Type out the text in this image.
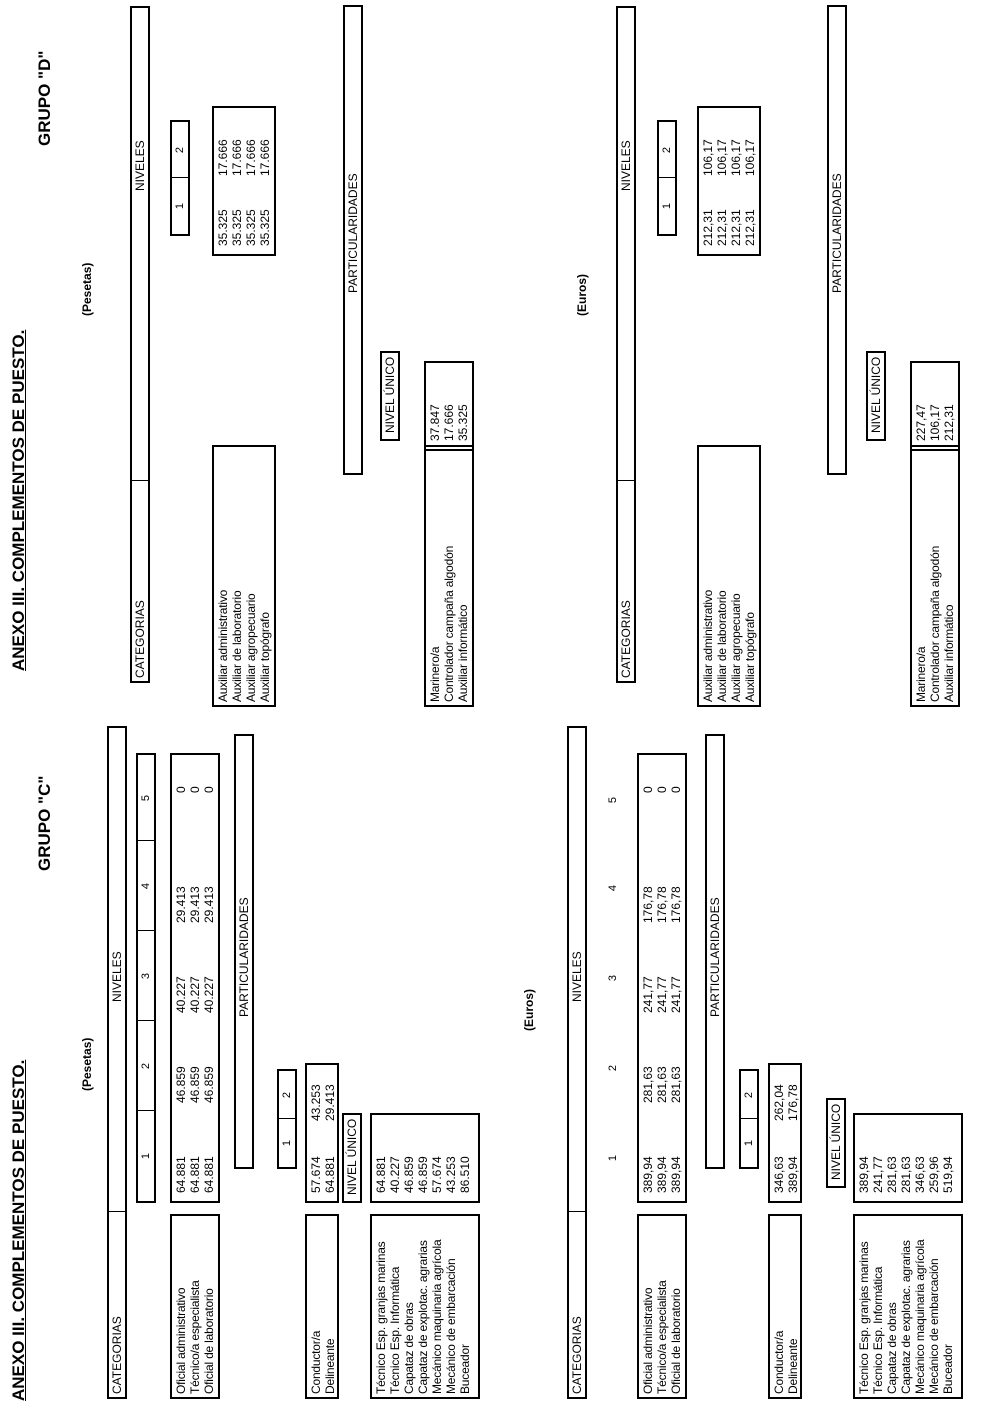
ANEXO III. COMPLEMENTOS DE PUESTO.
GRUPO "C"
(Pesetas)
CATEGORIAS
NIVELES
1
2
3
4
5
Oficial administrativo Técnico/a especialista Oficial de laboratorio
64.881 64.881 64.881
46.859 46.859 46.859
40.227 40.227 40.227
29.413 29.413 29.413
0 0 0
PARTICULARIDADES
1
2
Conductor/a Delineante
57.674 64.881
43.253 29.413
NIVEL ÚNICO
Técnico Esp. granjas marinas Técnico Esp. Informática Capataz de obras Capataz de explotac. agrarias Mecánico maquinaria agrícola Mecánico de embarcación Buceador
64.881 40.227 46.859 46.859 57.674 43.253 86.510
(Euros)
CATEGORIAS
NIVELES
1
2
3
4
5
Oficial administrativo Técnico/a especialista Oficial de laboratorio
389,94 389,94 389,94
281,63 281,63 281,63
241,77 241,77 241,77
176,78 176,78 176,78
0 0 0
PARTICULARIDADES
1
2
Conductor/a Delineante
346,63 389,94
262,04 176,78
NIVEL ÚNICO
Técnico Esp. granjas marinas Técnico Esp. Informática Capataz de obras Capataz de explotac. agrarias Mecánico maquinaria agrícola Mecánico de embarcación Buceador
389,94 241,77 281,63 281,63 346,63 259,96 519,94
ANEXO III. COMPLEMENTOS DE PUESTO.
GRUPO "D"
(Pesetas)
CATEGORIAS
NIVELES
1
2
Auxiliar administrativo Auxiliar de laboratorio Auxiliar agropecuario Auxiliar topógrafo
35.325 35.325 35.325 35.325
17.666 17.666 17.666 17.666
PARTICULARIDADES
NIVEL ÚNICO
Marinero/a Controlador campaña algodón Auxiliar informático
37.847 17.666 35.325
(Euros)
CATEGORIAS
NIVELES
1
2
Auxiliar administrativo Auxiliar de laboratorio Auxiliar agropecuario Auxiliar topógrafo
212,31 212,31 212,31 212,31
106,17 106,17 106,17 106,17
PARTICULARIDADES
NIVEL ÚNICO
Marinero/a Controlador campaña algodón Auxiliar informático
227,47 106,17 212,31
